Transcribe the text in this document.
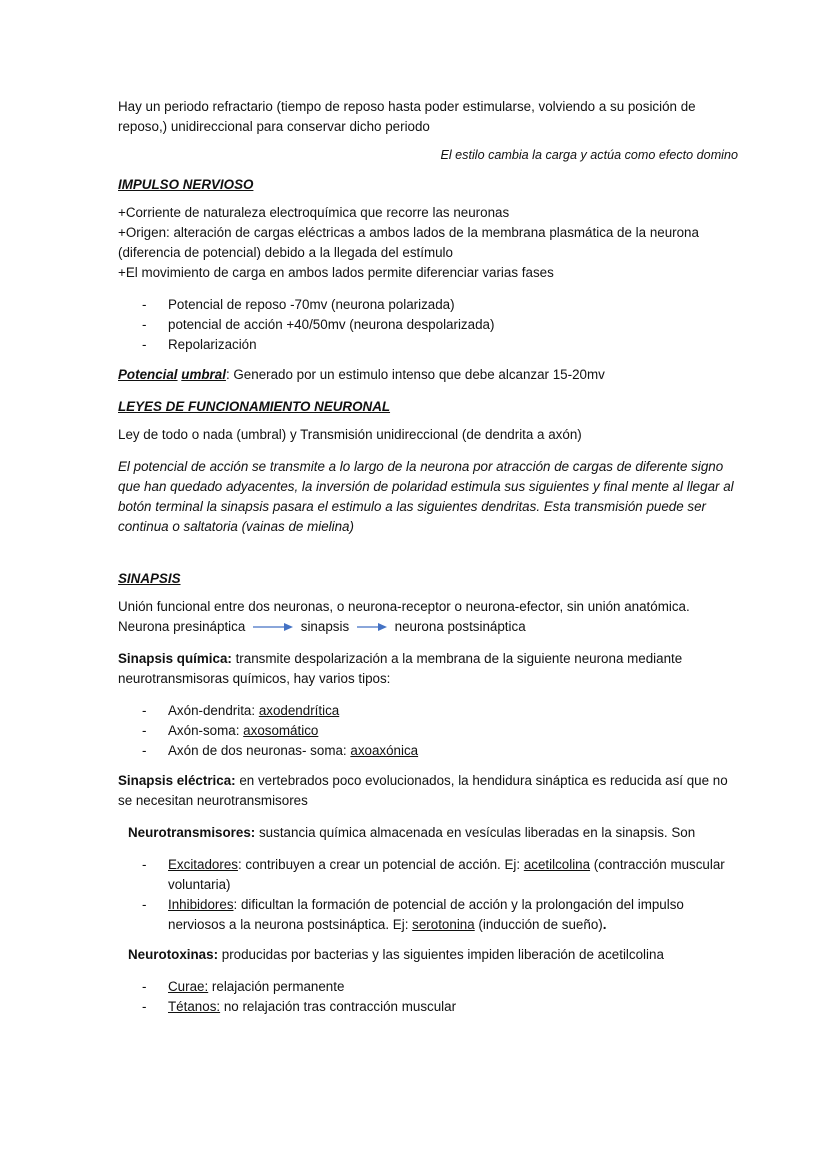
Hay un periodo refractario (tiempo de reposo hasta poder estimularse, volviendo a su posición de reposo,) unidireccional para conservar dicho periodo

El estilo cambia la carga y actúa como efecto domino

IMPULSO NERVIOSO

+Corriente de naturaleza electroquímica que recorre las neuronas

+Origen: alteración de cargas eléctricas a ambos lados de la membrana plasmática de la neurona (diferencia de potencial) debido a la llegada del estímulo

+El movimiento de carga en ambos lados permite diferenciar varias fases

- Potencial de reposo -70mv (neurona polarizada)
- potencial de acción +40/50mv (neurona despolarizada)
- Repolarización

Potencial umbral: Generado por un estimulo intenso que debe alcanzar 15-20mv

LEYES DE FUNCIONAMIENTO NEURONAL

Ley de todo o nada (umbral) y Transmisión unidireccional (de dendrita a axón)

El potencial de acción se transmite a lo largo de la neurona por atracción de cargas de diferente signo que han quedado adyacentes, la inversión de polaridad estimula sus siguientes y final mente al llegar al botón terminal la sinapsis pasara el estimulo a las siguientes dendritas. Esta transmisión puede ser continua o saltatoria (vainas de mielina)

SINAPSIS

Unión funcional entre dos neuronas, o neurona-receptor o neurona-efector, sin unión anatómica.

Neurona presináptica	sinapsis	neurona postsináptica

Sinapsis química: transmite despolarización a la membrana de la siguiente neurona mediante neurotransmisoras químicos, hay varios tipos:

- Axón-dendrita: axodendrítica
- Axón-soma: axosomático
- Axón de dos neuronas- soma: axoaxónica

Sinapsis eléctrica: en vertebrados poco evolucionados, la hendidura sináptica es reducida así que no se necesitan neurotransmisores

Neurotransmisores: sustancia química almacenada en vesículas liberadas en la sinapsis. Son

- Excitadores: contribuyen a crear un potencial de acción. Ej: acetilcolina (contracción muscular voluntaria)
- Inhibidores: dificultan la formación de potencial de acción y la prolongación del impulso nerviosos a la neurona postsináptica. Ej: serotonina (inducción de sueño).

Neurotoxinas: producidas por bacterias y las siguientes impiden liberación de acetilcolina

- Curae: relajación permanente
- Tétanos: no relajación tras contracción muscular
